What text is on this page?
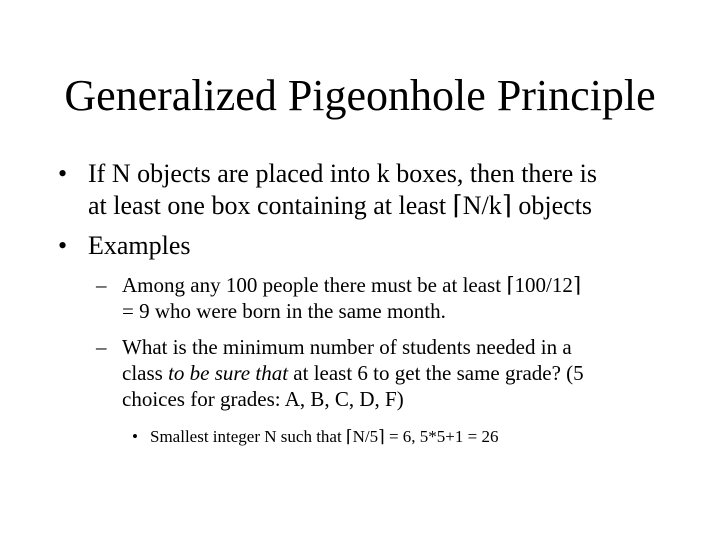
Generalized Pigeonhole Principle
• If N objects are placed into k boxes, then there is
at least one box containing at least ⌈N/k⌉ objects
• Examples
– Among any 100 people there must be at least ⌈100/12⌉
= 9 who were born in the same month.
– What is the minimum number of students needed in a
class to be sure that at least 6 to get the same grade? (5
choices for grades: A, B, C, D, F)
• Smallest integer N such that ⌈N/5⌉ = 6, 5*5+1 = 26
